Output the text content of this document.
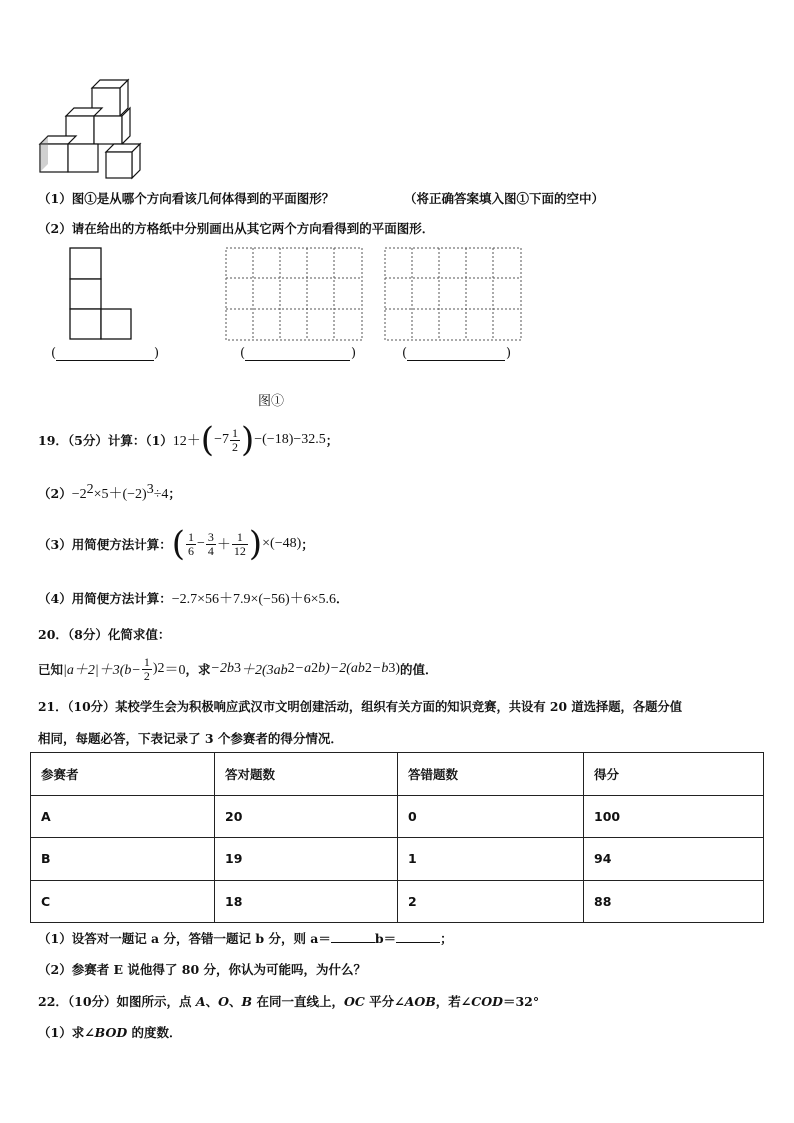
（1）图①是从哪个方向看该几何体得到的平面图形？	（将正确答案填入图①下面的空中）
（2）请在给出的方格纸中分别画出从其它两个方向看得到的平面图形．
(	)	(	)	(	)
图①
19．（5分）计算：（1） 12＋ ( $-7 \frac{1}{2}$ ) −(−18)−32.5 ；
$(2)-2^2\times 5+(-2)^3\div 4$；
（3）用简便方法计算： ( $\frac{1}{6} - \frac{3}{4} + \frac{1}{12}$ ) ×(−48) ；
（4）用简便方法计算：−2.7×56＋7.9×(−56)＋6×5.6．
20．（8分）化简求值：
已知 $|a+2| +3(b- \frac{1}{2}$ ) 2 ＝0 ，求 −2b 3 ＋2(3ab 2 −a 2 b)−2(ab 2 −b 3 ) 的值．
21．（10分）某校学生会为积极响应武汉市文明创建活动，组织有关方面的知识竞赛，共设有 20 道选择题，各题分值
相同，每题必答，下表记录了 3 个参赛者的得分情况．
参赛者	答对题数	答错题数	得分
A	20	0	100
B	19	1	94
C	18	2	88
（1）设答对一题记 a 分，答错一题记 b 分，则 a＝	b＝	；
（2）参赛者 E 说他得了 80 分，你认为可能吗，为什么？
22．（10分）如图所示，点 A、O、B 在同一直线上，OC 平分∠AOB，若∠COD＝32°
（1）求∠BOD 的度数．
